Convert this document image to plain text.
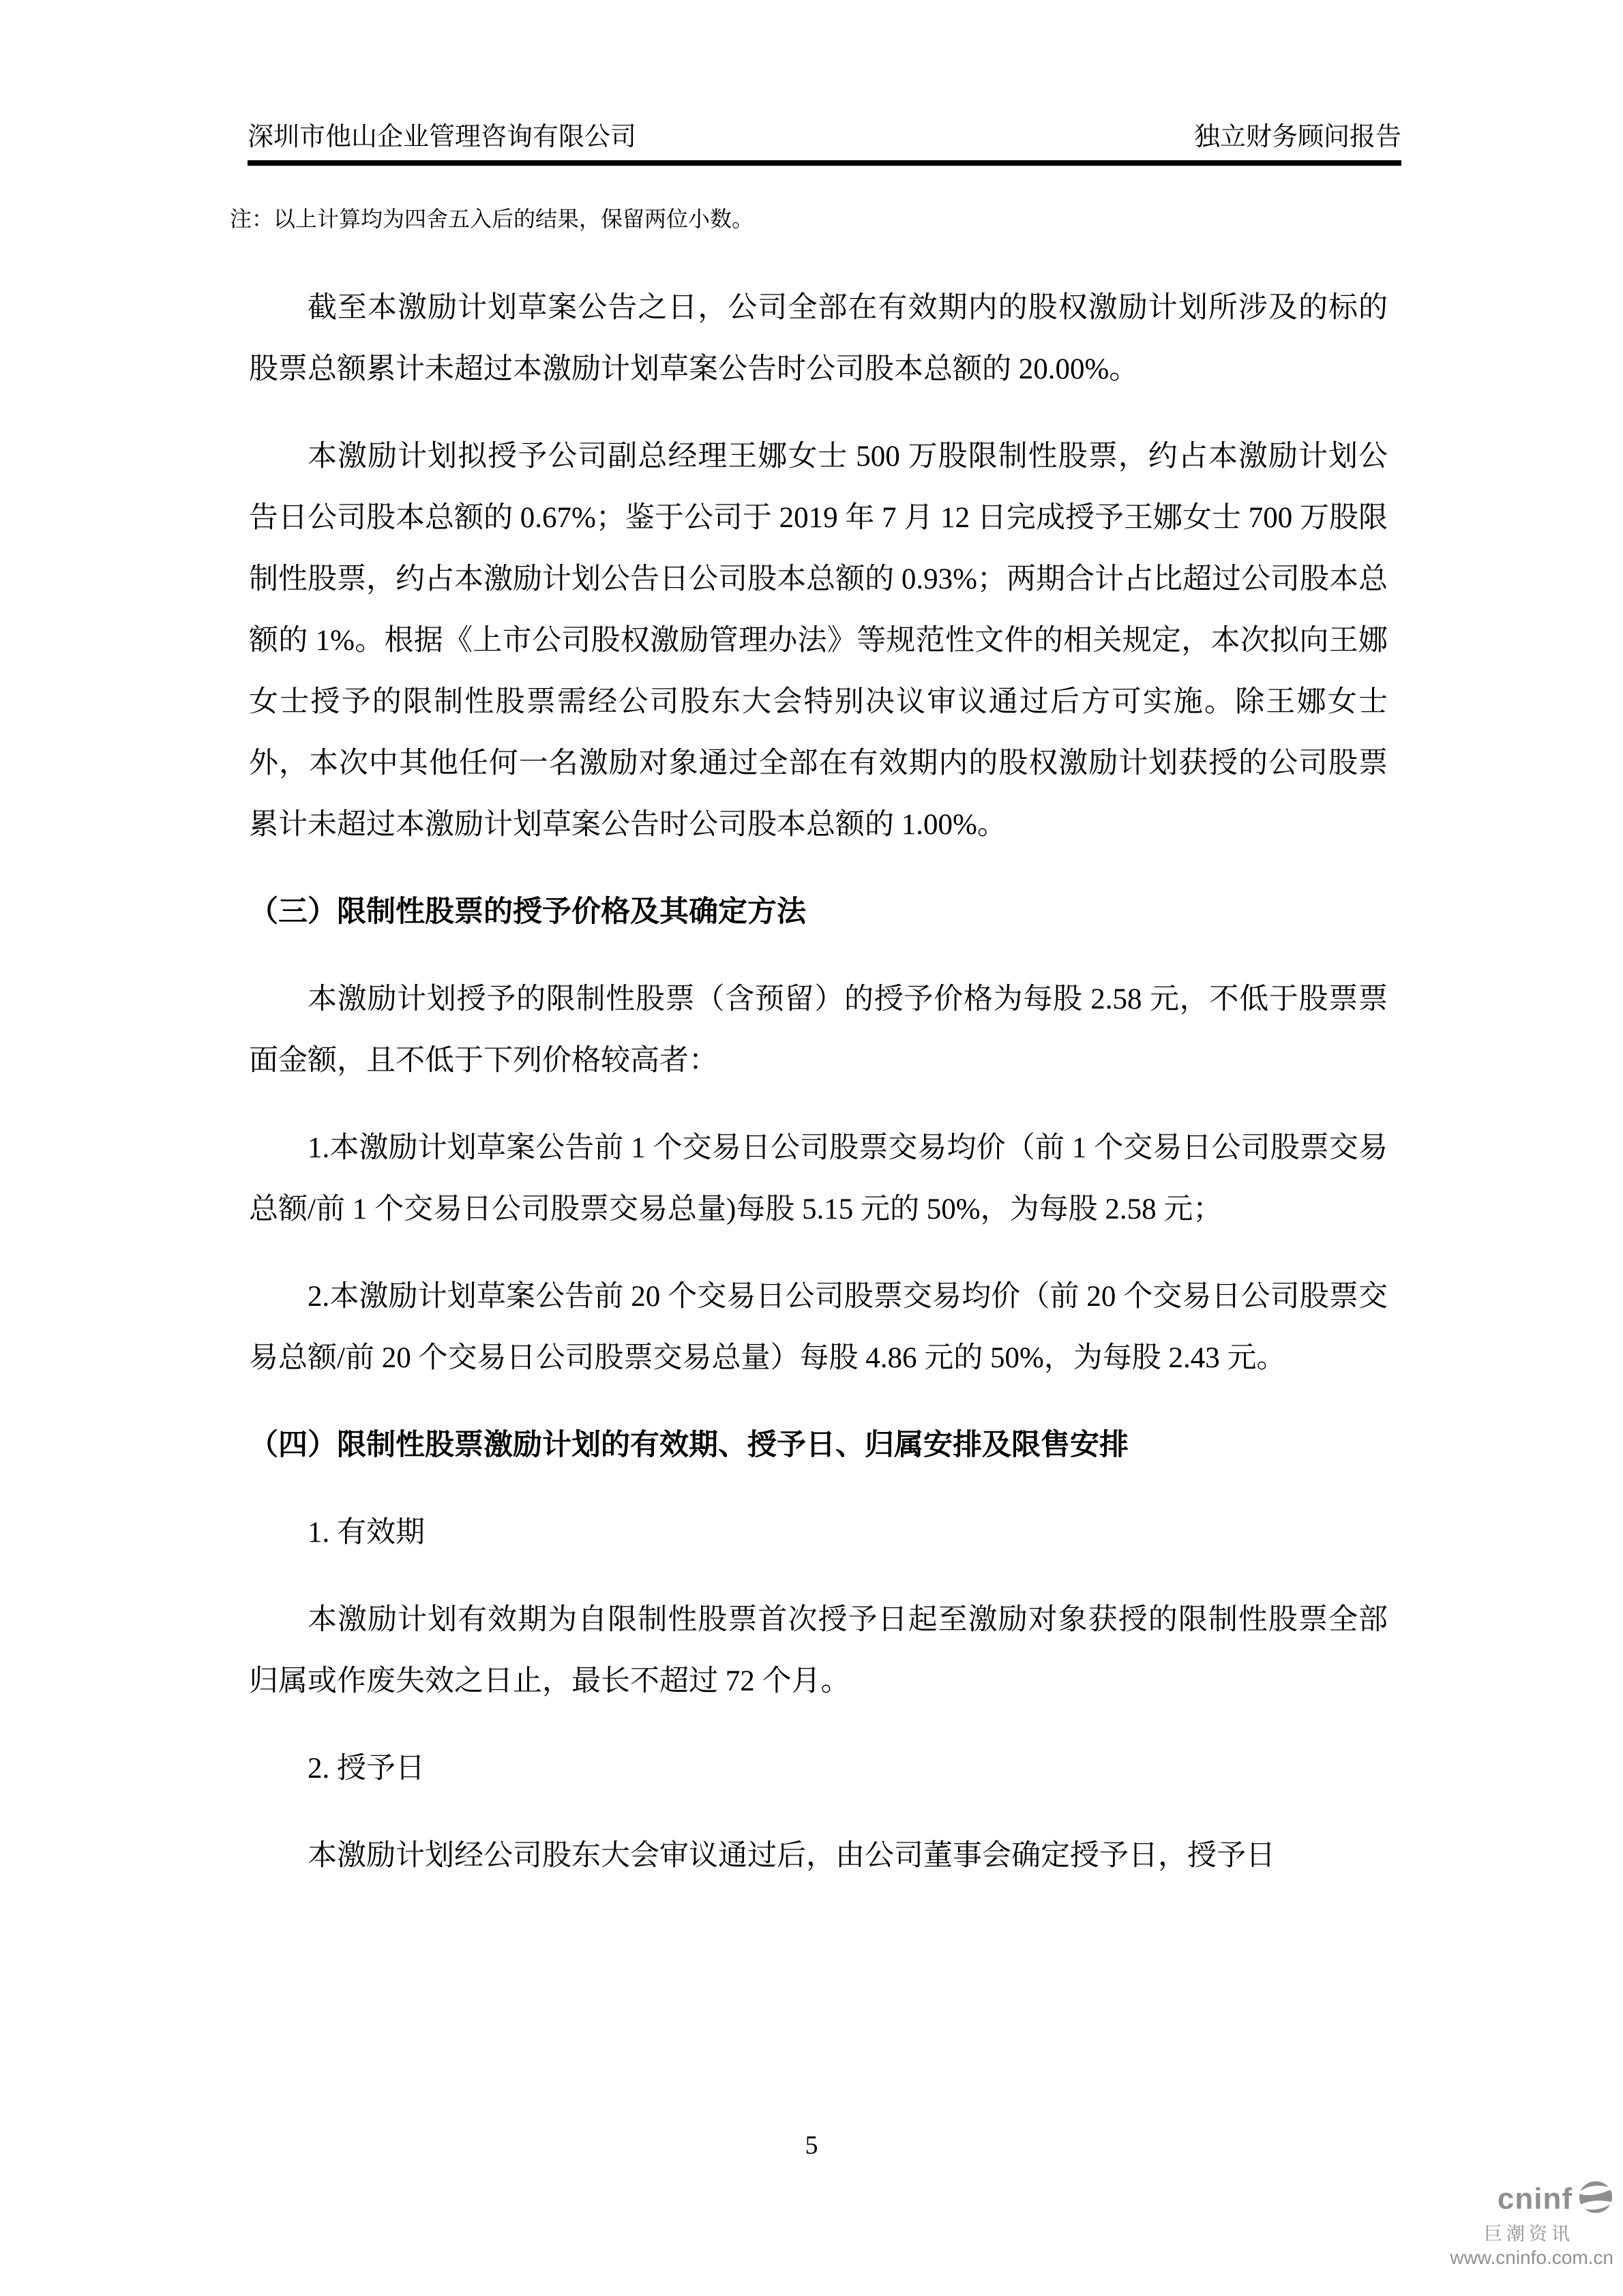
深圳市他山企业管理咨询有限公司	独立财务顾问报告
注：以上计算均为四舍五入后的结果，保留两位小数。
截至本激励计划草案公告之日，公司全部在有效期内的股权激励计划所涉及的标的股票总额累计未超过本激励计划草案公告时公司股本总额的 20.00%。
本激励计划拟授予公司副总经理王娜女士 500 万股限制性股票，约占本激励计划公告日公司股本总额的 0.67%；鉴于公司于 2019 年 7 月 12 日完成授予王娜女士 700 万股限制性股票，约占本激励计划公告日公司股本总额的 0.93%；两期合计占比超过公司股本总额的 1%。根据《上市公司股权激励管理办法》等规范性文件的相关规定，本次拟向王娜女士授予的限制性股票需经公司股东大会特别决议审议通过后方可实施。除王娜女士外，本次中其他任何一名激励对象通过全部在有效期内的股权激励计划获授的公司股票累计未超过本激励计划草案公告时公司股本总额的 1.00%。
（三）限制性股票的授予价格及其确定方法
本激励计划授予的限制性股票（含预留）的授予价格为每股 2.58 元，不低于股票票面金额，且不低于下列价格较高者：
1.本激励计划草案公告前 1 个交易日公司股票交易均价（前 1 个交易日公司股票交易总额/前 1 个交易日公司股票交易总量)每股 5.15 元的 50%，为每股 2.58 元；
2.本激励计划草案公告前 20 个交易日公司股票交易均价（前 20 个交易日公司股票交易总额/前 20 个交易日公司股票交易总量）每股 4.86 元的 50%，为每股 2.43 元。
（四）限制性股票激励计划的有效期、授予日、归属安排及限售安排
1. 有效期
本激励计划有效期为自限制性股票首次授予日起至激励对象获授的限制性股票全部归属或作废失效之日止，最长不超过 72 个月。
2. 授予日
本激励计划经公司股东大会审议通过后，由公司董事会确定授予日，授予日
5
cninf
巨潮资讯
www.cninfo.com.cn
